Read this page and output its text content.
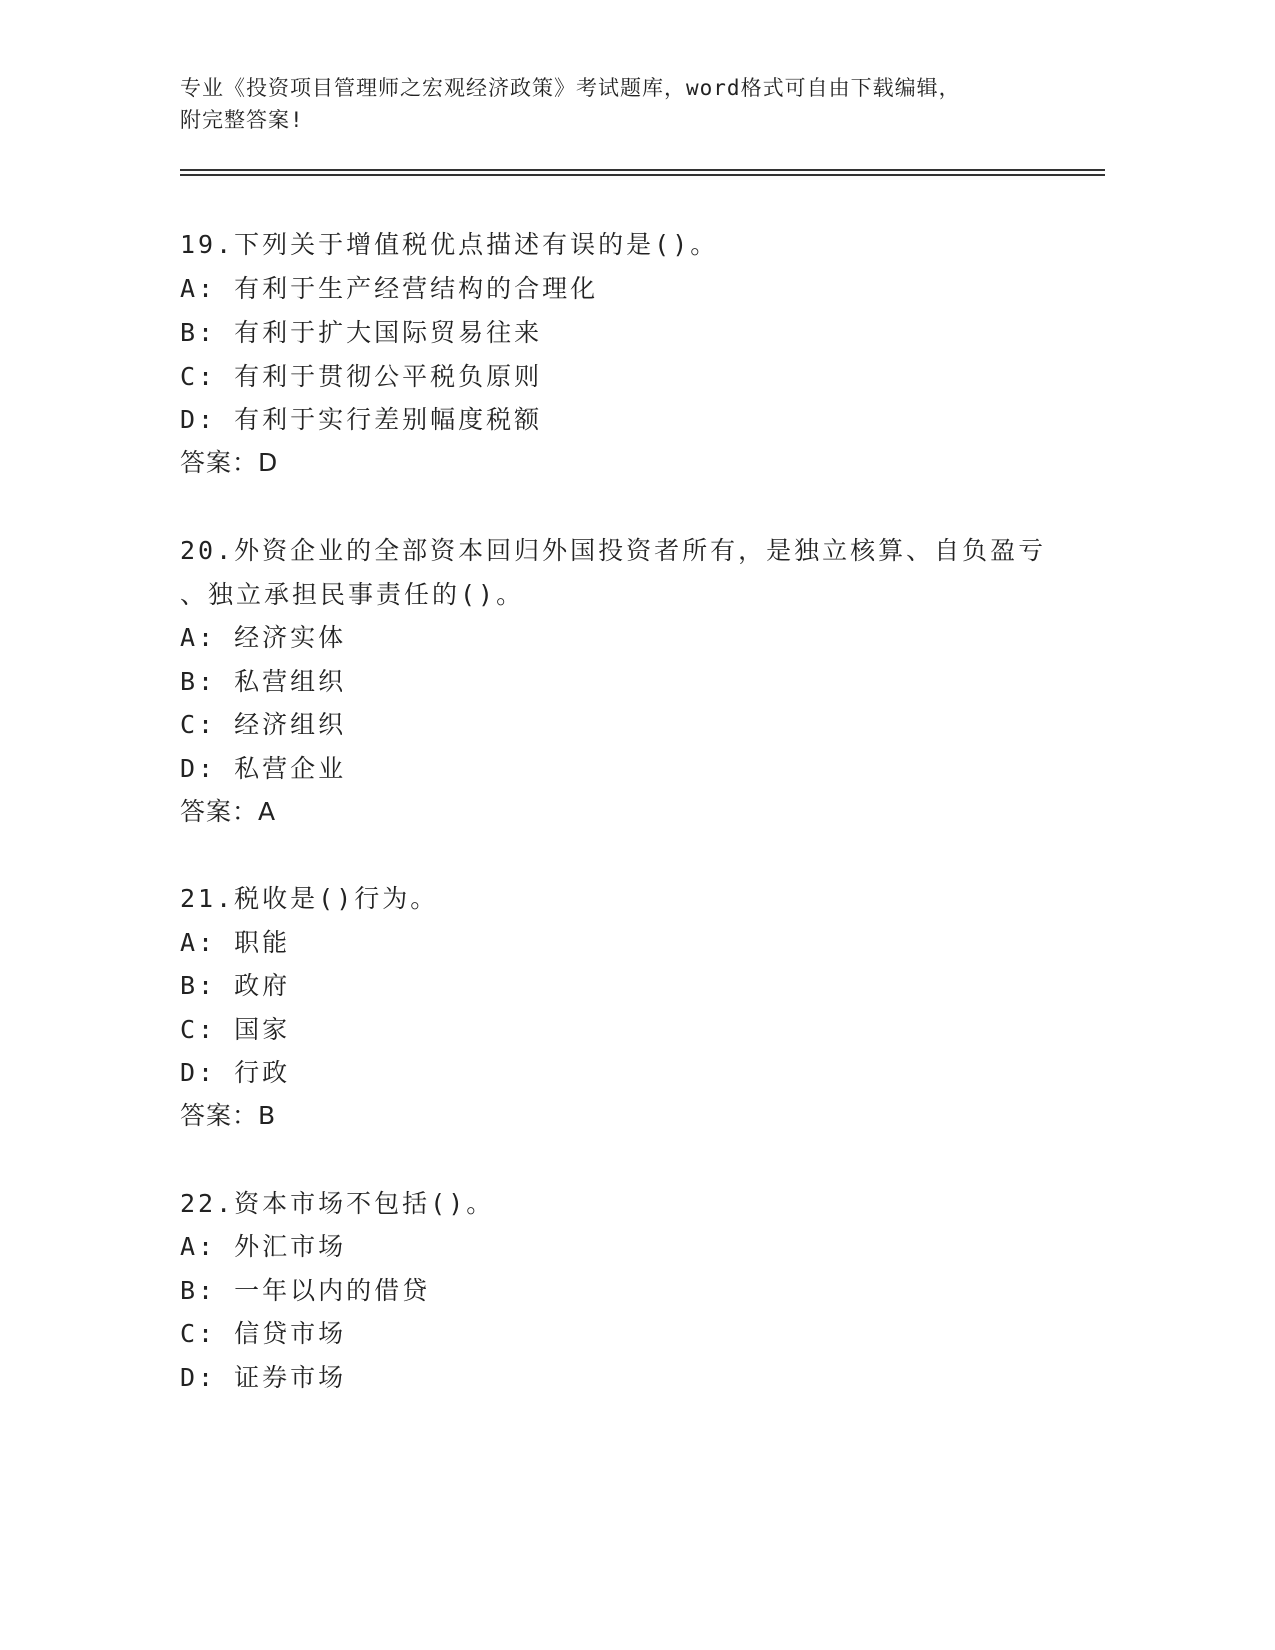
专业《投资项目管理师之宏观经济政策》考试题库，word格式可自由下载编辑，
附完整答案!
19.下列关于增值税优点描述有误的是()。
A: 有利于生产经营结构的合理化
B: 有利于扩大国际贸易往来
C: 有利于贯彻公平税负原则
D: 有利于实行差别幅度税额
答案：D
20.外资企业的全部资本回归外国投资者所有，是独立核算、自负盈亏
、独立承担民事责任的()。
A: 经济实体
B: 私营组织
C: 经济组织
D: 私营企业
答案：A
21.税收是()行为。
A: 职能
B: 政府
C: 国家
D: 行政
答案：B
22.资本市场不包括()。
A: 外汇市场
B: 一年以内的借贷
C: 信贷市场
D: 证券市场
